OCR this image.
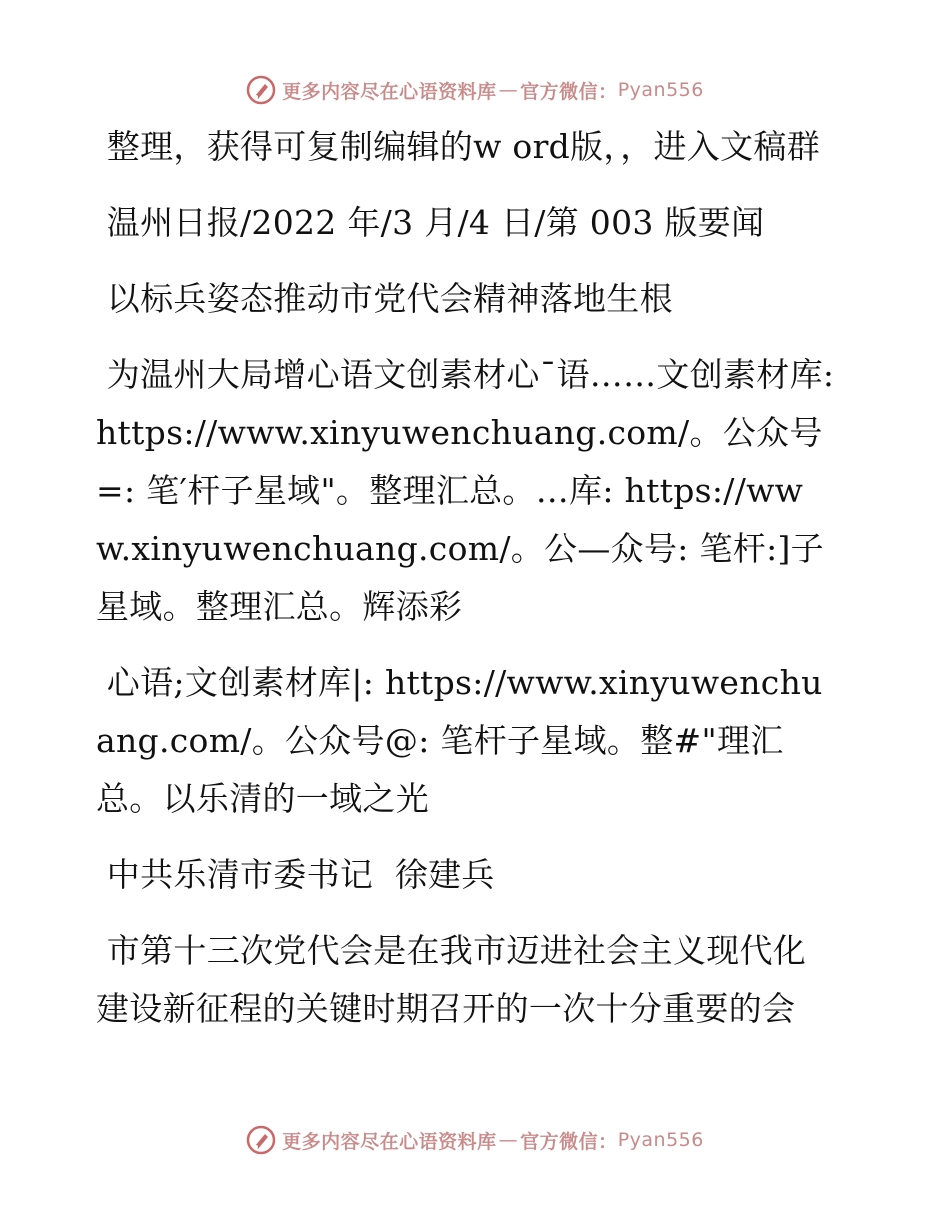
更多内容尽在心语资料库 — 官方微信： Pyan556

整理，获得可复制编辑的w ord版，，进入文稿群

温州日报/2022 年/3 月/4 日/第 003 版要闻

以标兵姿态推动市党代会精神落地生根

为温州大局增心语文创素材心¯语……文创素材库: https://www.xinyuwenchuang.com/。公众号=: 笔′杆子星域"。整理汇总。…库: https://www.xinyuwenchuang.com/。公—众号: 笔杆:]子星域。整理汇总。辉添彩

心语;文创素材库|: https://www.xinyuwenchuang.com/。公众号@: 笔杆子星域。整#"理汇总。以乐清的一域之光

中共乐清市委书记  徐建兵

市第十三次党代会是在我市迈进社会主义现代化建设新征程的关键时期召开的一次十分重要的会

更多内容尽在心语资料库 — 官方微信： Pyan556
